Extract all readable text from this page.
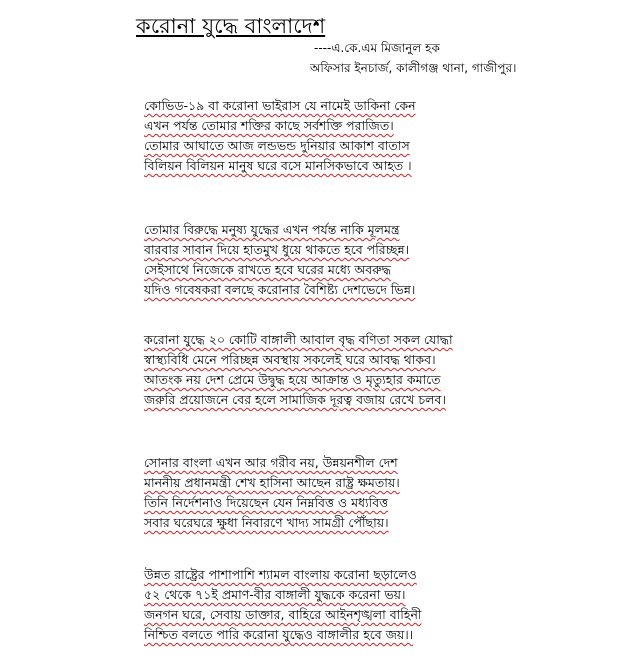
করোনা যুদ্ধে বাংলাদেশ
----এ.কে.এম মিজানুল হক
অফিসার ইনচার্জ, কালীগঞ্জ থানা, গাজীপুর।
কোভিড-১৯ বা করোনা ভাইরাস যে নামেই ডাকিনা কেন
এখন পর্যন্ত তোমার শক্তির কাছে সর্বশক্তি পরাজিত।
তোমার আঘাতে আজ লন্ডভন্ড দুনিয়ার আকাশ বাতাস
বিলিয়ন বিলিয়ন মানুষ ঘরে বসে মানসিকভাবে আহত ।
তোমার বিরুদ্ধে মনুষ্য যুদ্ধের এখন পর্যন্ত নাকি মূলমন্ত্র
বারবার সাবান দিয়ে হাতমুখ ধুয়ে থাকতে হবে পরিচ্ছন্ন।
সেইসাথে নিজেকে রাখতে হবে ঘরের মধ্যে অবরুদ্ধ
যদিও গবেষকরা বলছে করোনার বৈশিষ্ট্য দেশভেদে ভিন্ন।
করোনা যুদ্ধে ২০ কোটি বাঙ্গালী আবাল বৃদ্ধ বণিতা সকল যোদ্ধা
স্বাস্থ্যবিধি মেনে পরিচ্ছন্ন অবস্থায় সকলেই ঘরে আবদ্ধ থাকব।
আতংক নয় দেশ প্রেমে উদ্বুদ্ধ হয়ে আক্রান্ত ও মৃত্যুহার কমাতে
জরুরি প্রয়োজনে বের হলে সামাজিক দূরত্ব বজায় রেখে চলব।
সোনার বাংলা এখন আর গরীব নয়, উন্নয়নশীল দেশ
মাননীয় প্রধানমন্ত্রী শেখ হাসিনা আছেন রাষ্ট্র ক্ষমতায়।
তিনি নির্দেশনাও দিয়েছেন যেন নিম্নবিত্ত ও মধ্যবিত্ত
সবার ঘরেঘরে ক্ষুধা নিবারণে খাদ্য সামগ্রী পৌঁছায়।
উন্নত রাষ্ট্রের পাশাপাশি শ্যামল বাংলায় করোনা ছড়ালেও
৫২ থেকে ৭১ই প্রমাণ-বীর বাঙ্গালী যুদ্ধকে করেনা ভয়।
জনগন ঘরে, সেবায় ডাক্তার, বাহিরে আইনশৃঙ্খলা বাহিনী
নিশ্চিত বলতে পারি করোনা যুদ্ধেও বাঙ্গালীর হবে জয়।।
